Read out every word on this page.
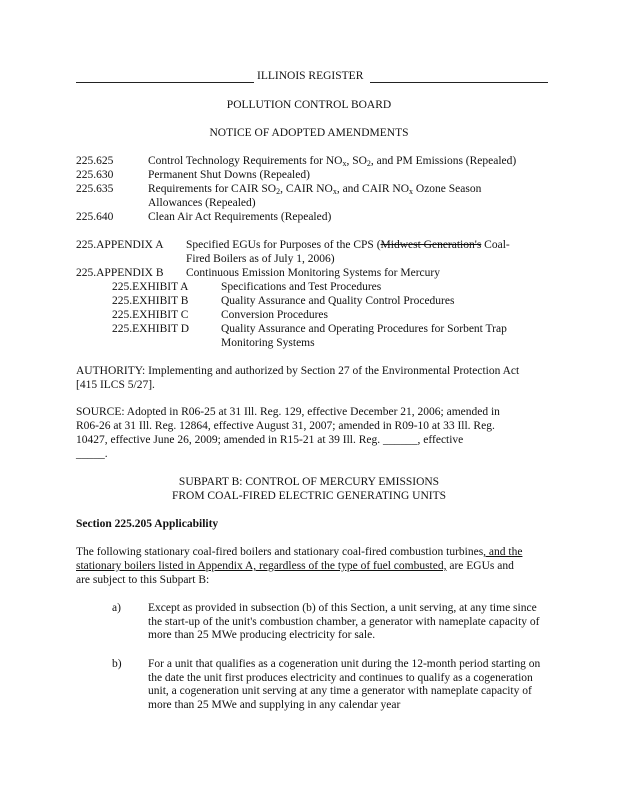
ILLINOIS REGISTER
POLLUTION CONTROL BOARD
NOTICE OF ADOPTED AMENDMENTS
225.625	Control Technology Requirements for $NO_x$, $SO_2$, and PM Emissions (Repealed)
225.630	Permanent Shut Downs (Repealed)
225.635	Requirements for CAIR $SO_2$, CAIR $NO_x$, and CAIR $NO_x$ Ozone Season
Allowances (Repealed)
225.640	Clean Air Act Requirements (Repealed)
225.APPENDIX A Specified EGUs for Purposes of the CPS (Midwest Generation's Coal-
Fired Boilers as of July 1, 2006)
225.APPENDIX B Continuous Emission Monitoring Systems for Mercury
225.EXHIBIT A	Specifications and Test Procedures
225.EXHIBIT B	Quality Assurance and Quality Control Procedures
225.EXHIBIT C	Conversion Procedures
225.EXHIBIT D	Quality Assurance and Operating Procedures for Sorbent Trap
Monitoring Systems
AUTHORITY: Implementing and authorized by Section 27 of the Environmental Protection Act
[415 ILCS 5/27].
SOURCE: Adopted in R06-25 at 31 Ill. Reg. 129, effective December 21, 2006; amended in
R06-26 at 31 Ill. Reg. 12864, effective August 31, 2007; amended in R09-10 at 33 Ill. Reg.
10427, effective June 26, 2009; amended in R15-21 at 39 Ill. Reg. ______, effective
_____.
SUBPART B: CONTROL OF MERCURY EMISSIONS
FROM COAL-FIRED ELECTRIC GENERATING UNITS
Section 225.205 Applicability
The following stationary coal-fired boilers and stationary coal-fired combustion turbines, and the
stationary boilers listed in Appendix A, regardless of the type of fuel combusted, are EGUs and
are subject to this Subpart B:
a) Except as provided in subsection (b) of this Section, a unit serving, at any time since the start-up of the unit's combustion chamber, a generator with nameplate capacity of more than 25 MWe producing electricity for sale.
b) For a unit that qualifies as a cogeneration unit during the 12-month period starting on the date the unit first produces electricity and continues to qualify as a cogeneration unit, a cogeneration unit serving at any time a generator with nameplate capacity of more than 25 MWe and supplying in any calendar year
